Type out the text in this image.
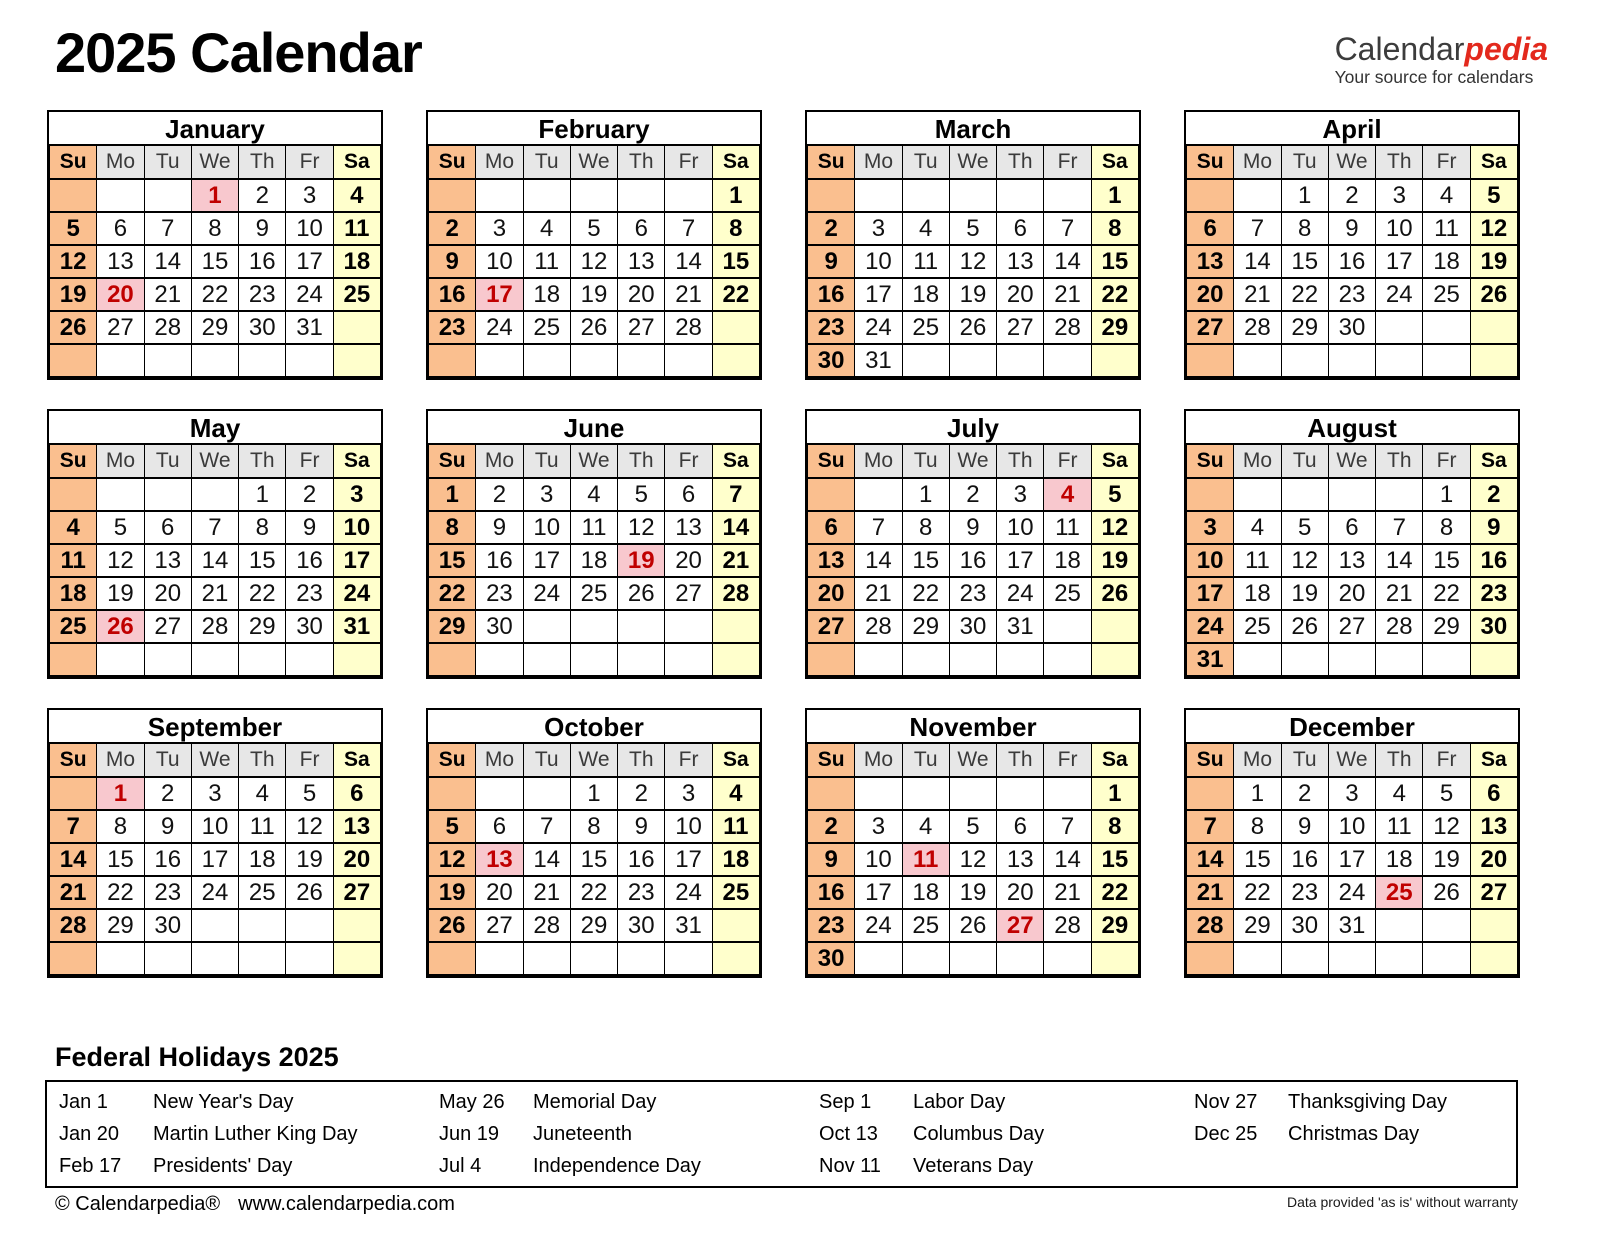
2025 Calendar	Calendarpedia
Your source for calendars
January
Su	Mo	Tu	We	Th	Fr	Sa
			1	2	3	4
5	6	7	8	9	10	11
12	13	14	15	16	17	18
19	20	21	22	23	24	25
26	27	28	29	30	31	

February
Su	Mo	Tu	We	Th	Fr	Sa
						1
2	3	4	5	6	7	8
9	10	11	12	13	14	15
16	17	18	19	20	21	22
23	24	25	26	27	28	

March
Su	Mo	Tu	We	Th	Fr	Sa
						1
2	3	4	5	6	7	8
9	10	11	12	13	14	15
16	17	18	19	20	21	22
23	24	25	26	27	28	29
30	31					
April
Su	Mo	Tu	We	Th	Fr	Sa
		1	2	3	4	5
6	7	8	9	10	11	12
13	14	15	16	17	18	19
20	21	22	23	24	25	26
27	28	29	30			

May
Su	Mo	Tu	We	Th	Fr	Sa
				1	2	3
4	5	6	7	8	9	10
11	12	13	14	15	16	17
18	19	20	21	22	23	24
25	26	27	28	29	30	31

June
Su	Mo	Tu	We	Th	Fr	Sa
1	2	3	4	5	6	7
8	9	10	11	12	13	14
15	16	17	18	19	20	21
22	23	24	25	26	27	28
29	30					

July
Su	Mo	Tu	We	Th	Fr	Sa
		1	2	3	4	5
6	7	8	9	10	11	12
13	14	15	16	17	18	19
20	21	22	23	24	25	26
27	28	29	30	31		

August
Su	Mo	Tu	We	Th	Fr	Sa
					1	2
3	4	5	6	7	8	9
10	11	12	13	14	15	16
17	18	19	20	21	22	23
24	25	26	27	28	29	30
31						
September
Su	Mo	Tu	We	Th	Fr	Sa
	1	2	3	4	5	6
7	8	9	10	11	12	13
14	15	16	17	18	19	20
21	22	23	24	25	26	27
28	29	30				

October
Su	Mo	Tu	We	Th	Fr	Sa
			1	2	3	4
5	6	7	8	9	10	11
12	13	14	15	16	17	18
19	20	21	22	23	24	25
26	27	28	29	30	31	

November
Su	Mo	Tu	We	Th	Fr	Sa
						1
2	3	4	5	6	7	8
9	10	11	12	13	14	15
16	17	18	19	20	21	22
23	24	25	26	27	28	29
30						
December
Su	Mo	Tu	We	Th	Fr	Sa
	1	2	3	4	5	6
7	8	9	10	11	12	13
14	15	16	17	18	19	20
21	22	23	24	25	26	27
28	29	30	31			

Federal Holidays 2025
Jan 1	New Year's Day
Jan 20	Martin Luther King Day
Feb 17	Presidents' Day
May 26	Memorial Day
Jun 19	Juneteenth
Jul 4	Independence Day
Sep 1	Labor Day
Oct 13	Columbus Day
Nov 11	Veterans Day
Nov 27	Thanksgiving Day
Dec 25	Christmas Day
© Calendarpedia® www.calendarpedia.com	Data provided 'as is' without warranty
